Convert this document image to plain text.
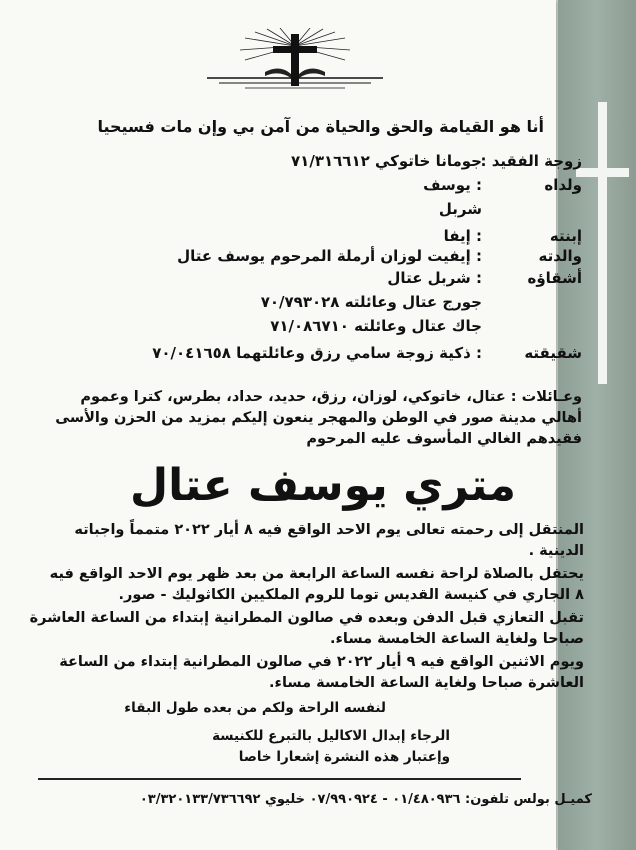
أنا هو القيامة والحق والحياة من آمن بي وإن مات فسيحيا
زوجة الفقيد :
جومانا خاتوكي ٧١/٣١٦٦١٢
ولداه
: يوسف
شربل
إبنته
: إيفا
والدته
: إيفيت لوزان أرملة المرحوم يوسف عتال
أشقاؤه
: شربل عتال
جورج عتال وعائلته ٧٠/٧٩٣٠٢٨
جاك عتال وعائلته ٧١/٠٨٦٧١٠
شقيقته
: ذكية زوجة سامي رزق وعائلتهما ٧٠/٠٤١٦٥٨
وعـائلات : عتال، خاتوكي، لوزان، رزق، حديد، حداد، بطرس، كترا وعموم
أهالي مدينة صور في الوطن والمهجر ينعون إليكم بمزيد من الحزن والأسى
فقيدهم الغالي المأسوف عليه المرحوم
متري يوسف عتال
المنتقل إلى رحمته تعالى يوم الاحد الواقع فيه ٨ أيار ٢٠٢٢ متمماً واجباته
الدينية .
يحتفل بالصلاة لراحة نفسه الساعة الرابعة من بعد ظهر يوم الاحد الواقع فيه
٨ الجاري في كنيسة القديس توما للروم الملكيين الكاثوليك - صور.
تقبل التعازي قبل الدفن وبعده في صالون المطرانية إبتداء من الساعة العاشرة
صباحا ولغاية الساعة الخامسة مساء.
ويوم الاثنين الواقع فيه ٩ أيار ٢٠٢٢ في صالون المطرانية إبتداء من الساعة
العاشرة صباحا ولغاية الساعة الخامسة مساء.
لنفسه الراحة ولكم من بعده طول البقاء
الرجاء إبدال الاكاليل بالتبرع للكنيسة
وإعتبار هذه النشرة إشعارا خاصا
كميـل بولس تلفون: ٠١/٤٨٠٩٣٦ - ٠٧/٩٩٠٩٢٤ خليوي ٠٣/٣٢٠١٣٣/٧٣٦٦٩٢
